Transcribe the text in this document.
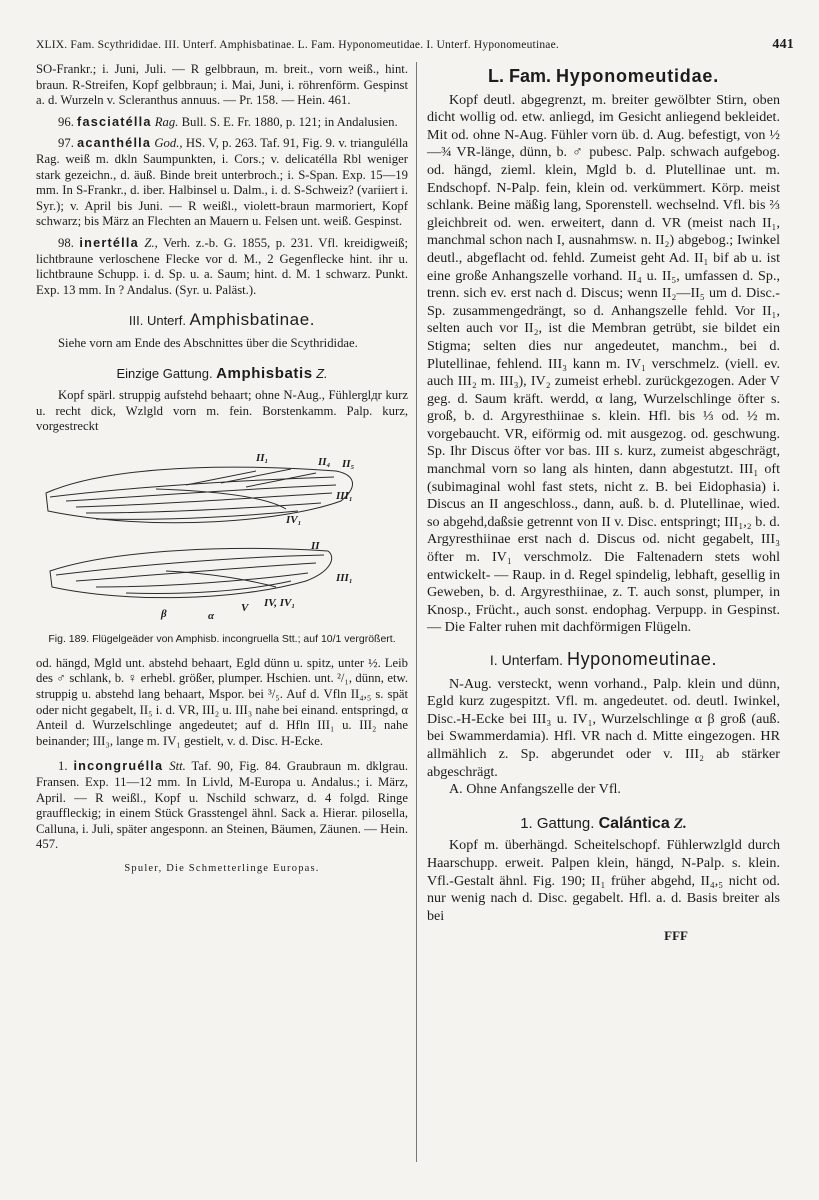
XLIX. Fam. Scythrididae. III. Unterf. Amphisbatinae. L. Fam. Hyponomeutidae. I. Unterf. Hyponomeutinae.	441

SO-Frankr.; i. Juni, Juli. — R gelbbraun, m. breit., vorn weiß., hint. braun. R-Streifen, Kopf gelbbraun; i. Mai, Juni, i. röhrenförm. Gespinst a. d. Wurzeln v. Scleranthus annuus. — Pr. 158. — Hein. 461.

96. fasciatélla Rag. Bull. S. E. Fr. 1880, p. 121; in Andalusien.

97. acanthélla God., HS. V, p. 263. Taf. 91, Fig. 9. v. triangulélla Rag. weiß m. dkln Saumpunkten, i. Cors.; v. delicatélla Rbl weniger stark gezeichn., d. äuß. Binde breit unterbroch.; i. S-Span. Exp. 15—19 mm. In S-Frankr., d. iber. Halbinsel u. Dalm., i. d. S-Schweiz? (variiert i. Syr.); v. April bis Juni. — R weißl., violett-braun marmoriert, Kopf schwarz; bis März an Flechten an Mauern u. Felsen unt. weiß. Gespinst.

98. inertélla Z., Verh. z.-b. G. 1855, p. 231. Vfl. kreidigweiß; lichtbraune verloschene Flecke vor d. M., 2 Gegenflecke hint. ihr u. lichtbraune Schupp. i. d. Sp. u. a. Saum; hint. d. M. 1 schwarz. Punkt. Exp. 13 mm. In ? Andalus. (Syr. u. Paläst.).

III. Unterf. Amphisbatinae.

Siehe vorn am Ende des Abschnittes über die Scythrididae.

Einzige Gattung. Amphisbatis Z.

Kopf spärl. struppig aufstehd behaart; ohne N-Aug., Fühlerglдr kurz u. recht dick, Wzlgld vorn m. fein. Borstenkamm. Palp. kurz, vorgestreckt

II₁	II₄ II₅
III₁
IV₁
II
III₁
IV, IV₁
V
β	α
Fig. 189. Flügelgeäder von Amphisb. incongruella Stt.; auf 10/1 vergrößert.

od. hängd, Mgld unt. abstehd behaart, Egld dünn u. spitz, unter ½. Leib des ♂ schlank, b. ♀ erhebl. größer, plumper. Hschien. unt. ²/₁, dünn, etw. struppig u. abstehd lang behaart, Mspor. bei ³/₅. Auf d. Vfln II₄,₅ s. spät oder nicht gegabelt, II₅ i. d. VR, III₂ u. III₃ nahe bei einand. entspringd, α Anteil d. Wurzelschlinge angedeutet; auf d. Hfln III₁ u. III₂ nahe beinander; III₃, lange m. IV₁ gestielt, v. d. Disc. H-Ecke.

1. incongruélla Stt. Taf. 90, Fig. 84. Graubraun m. dklgrau. Fransen. Exp. 11—12 mm. In Livld, M-Europa u. Andalus.; i. März, April. — R weißl., Kopf u. Nschild schwarz, d. 4 folgd. Ringe grauffleckig; in einem Stück Grasstengel ähnl. Sack a. Hierar. pilosella, Calluna, i. Juli, später angesponn. an Steinen, Bäumen, Zäunen. — Hein. 457.

Spuler, Die Schmetterlinge Europas.
L. Fam. Hyponomeutidae.

Kopf deutl. abgegrenzt, m. breiter gewölbter Stirn, oben dicht wollig od. etw. anliegd, im Gesicht anliegend bekleidet. Mit od. ohne N-Aug. Fühler vorn üb. d. Aug. befestigt, von ½—¾ VR-länge, dünn, b. ♂ pubesc. Palp. schwach aufgebog. od. hängd, zieml. klein, Mgld b. d. Plutellinae unt. m. Endschopf. N-Palp. fein, klein od. verkümmert. Körp. meist schlank. Beine mäßig lang, Sporenstell. wechselnd. Vfl. bis ⅔ gleichbreit od. wen. erweitert, dann d. VR (meist nach II₁, manchmal schon nach I, ausnahmsw. n. II₂) abgebog.; Iwinkel deutl., abgeflacht od. fehld. Zumeist geht Ad. II₁ bif ab u. ist eine große Anhangszelle vorhand. II₄ u. II₅, umfassen d. Sp., trenn. sich ev. erst nach d. Discus; wenn II₂—II₅ um d. Disc.-Sp. zusammengedrängt, so d. Anhangszelle fehld. Vor II₁, selten auch vor II₂, ist die Membran getrübt, sie bildet ein Stigma; selten dies nur angedeutet, manchm., bei d. Plutellinae, fehlend. III₃ kann m. IV₁ verschmelz. (viell. ev. auch III₂ m. III₃), IV₂ zumeist erhebl. zurückgezogen. Ader V geg. d. Saum kräft. werdd, α lang, Wurzelschlinge öfter s. groß, b. d. Argyresthiinae s. klein. Hfl. bis ⅓ od. ½ m. vorgebaucht. VR, eiförmig od. mit ausgezog. od. geschwung. Sp. Ihr Discus öfter vor bas. III s. kurz, zumeist abgeschrägt, manchmal vorn so lang als hinten, dann abgestutzt. III₁ oft (subimaginal wohl fast stets, nicht z. B. bei Eidophasia) i. Discus an II angeschloss., dann, auß. b. d. Plutellinae, wied. so abgehd,daßsie getrennt von II v. Disc. entspringt; III₁,₂ b. d. Argyresthiinae erst nach d. Discus od. nicht gegabelt, III₃ öfter m. IV₁ verschmolz. Die Faltenadern stets wohl entwickelt- — Raup. in d. Regel spindelig, lebhaft, gesellig in Geweben, b. d. Argyresthiinae, z. T. auch sonst, plumper, in Knosp., Frücht., auch sonst. endophag. Verpupp. in Gespinst. — Die Falter ruhen mit dachförmigen Flügeln.

I. Unterfam. Hyponomeutinae.

N-Aug. versteckt, wenn vorhand., Palp. klein und dünn, Egld kurz zugespitzt. Vfl. m. angedeutet. od. deutl. Iwinkel, Disc.-H-Ecke bei III₃ u. IV₁, Wurzelschlinge α β groß (auß. bei Swammerdamia). Hfl. VR nach d. Mitte eingezogen. HR allmählich z. Sp. abgerundet oder v. III₂ ab stärker abgeschrägt.

A. Ohne Anfangszelle der Vfl.

1. Gattung. Calántica Z.

Kopf m. überhängd. Scheitelschopf. Fühlerwzlgld durch Haarschupp. erweit. Palpen klein, hängd, N-Palp. s. klein. Vfl.-Gestalt ähnl. Fig. 190; II₁ früher abgehd, II₄,₅ nicht od. nur wenig nach d. Disc. gegabelt. Hfl. a. d. Basis breiter als bei

FFF
